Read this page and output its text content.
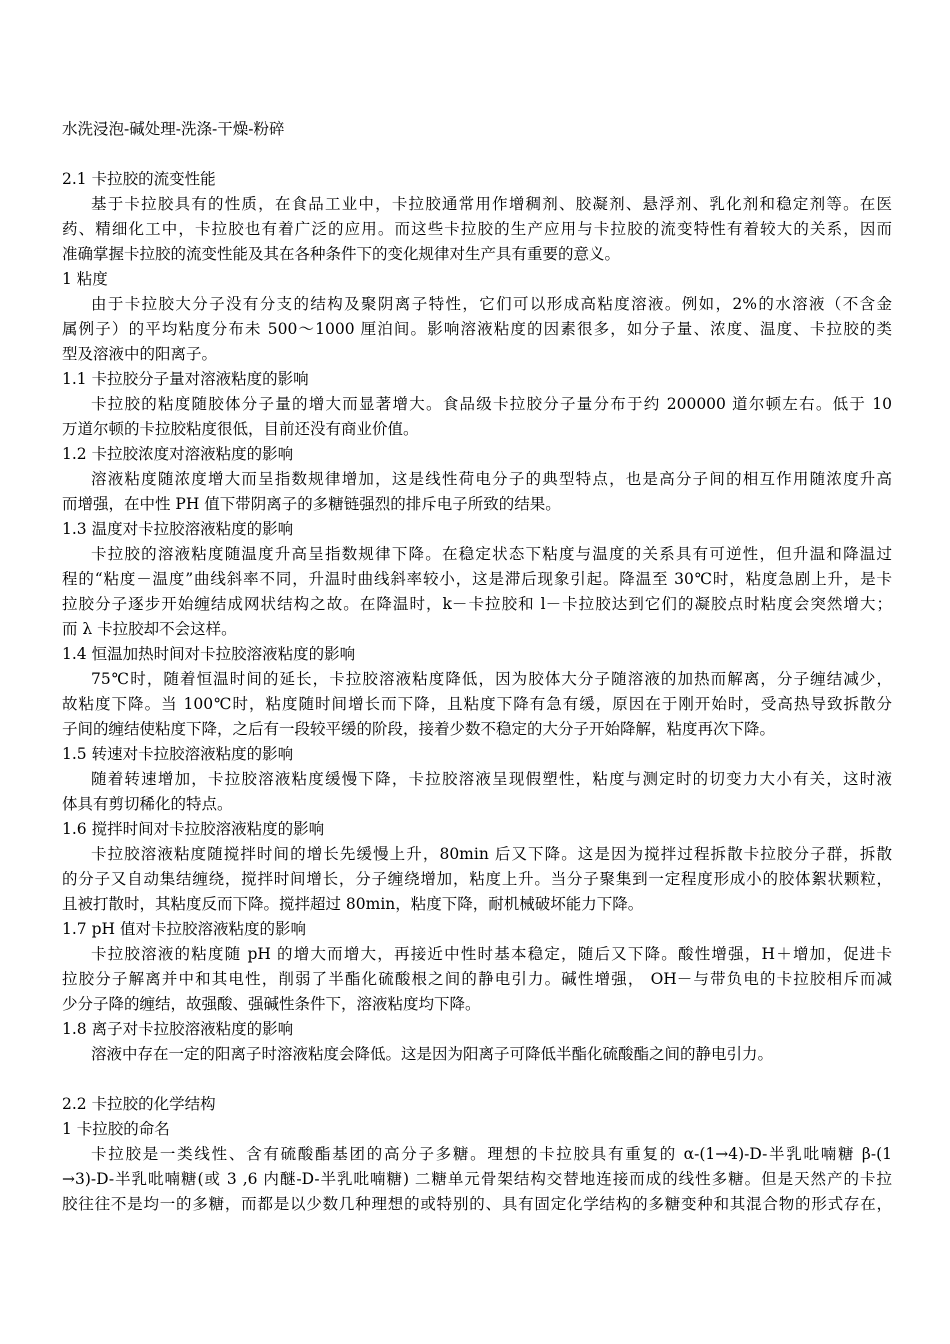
水洗浸泡-碱处理-洗涤-干燥-粉碎
2.1 卡拉胶的流变性能
基于卡拉胶具有的性质，在食品工业中，卡拉胶通常用作增稠剂、胶凝剂、悬浮剂、乳化剂和稳定剂等。在医
药、精细化工中，卡拉胶也有着广泛的应用。而这些卡拉胶的生产应用与卡拉胶的流变特性有着较大的关系，因而
准确掌握卡拉胶的流变性能及其在各种条件下的变化规律对生产具有重要的意义。
1 粘度
由于卡拉胶大分子没有分支的结构及聚阴离子特性，它们可以形成高粘度溶液。例如，2%的水溶液（不含金
属例子）的平均粘度分布未 500～1000 厘泊间。影响溶液粘度的因素很多，如分子量、浓度、温度、卡拉胶的类
型及溶液中的阳离子。
1.1 卡拉胶分子量对溶液粘度的影响
卡拉胶的粘度随胶体分子量的增大而显著增大。食品级卡拉胶分子量分布于约 200000 道尔顿左右。低于 10
万道尔顿的卡拉胶粘度很低，目前还没有商业价值。
1.2 卡拉胶浓度对溶液粘度的影响
溶液粘度随浓度增大而呈指数规律增加，这是线性荷电分子的典型特点，也是高分子间的相互作用随浓度升高
而增强，在中性 PH 值下带阴离子的多糖链强烈的排斥电子所致的结果。
1.3 温度对卡拉胶溶液粘度的影响
卡拉胶的溶液粘度随温度升高呈指数规律下降。在稳定状态下粘度与温度的关系具有可逆性，但升温和降温过
程的“粘度－温度”曲线斜率不同，升温时曲线斜率较小，这是滞后现象引起。降温至 30℃时，粘度急剧上升，是卡
拉胶分子逐步开始缠结成网状结构之故。在降温时，k－卡拉胶和 l－卡拉胶达到它们的凝胶点时粘度会突然增大；
而 λ 卡拉胶却不会这样。
1.4 恒温加热时间对卡拉胶溶液粘度的影响
75℃时，随着恒温时间的延长，卡拉胶溶液粘度降低，因为胶体大分子随溶液的加热而解离，分子缠结减少，
故粘度下降。当 100℃时，粘度随时间增长而下降，且粘度下降有急有缓，原因在于刚开始时，受高热导致拆散分
子间的缠结使粘度下降，之后有一段较平缓的阶段，接着少数不稳定的大分子开始降解，粘度再次下降。
1.5 转速对卡拉胶溶液粘度的影响
随着转速增加，卡拉胶溶液粘度缓慢下降，卡拉胶溶液呈现假塑性，粘度与测定时的切变力大小有关，这时液
体具有剪切稀化的特点。
1.6 搅拌时间对卡拉胶溶液粘度的影响
卡拉胶溶液粘度随搅拌时间的增长先缓慢上升，80min 后又下降。这是因为搅拌过程拆散卡拉胶分子群，拆散
的分子又自动集结缠绕，搅拌时间增长，分子缠绕增加，粘度上升。当分子聚集到一定程度形成小的胶体絮状颗粒，
且被打散时，其粘度反而下降。搅拌超过 80min，粘度下降，耐机械破坏能力下降。
1.7 pH 值对卡拉胶溶液粘度的影响
卡拉胶溶液的粘度随 pH 的增大而增大，再接近中性时基本稳定，随后又下降。酸性增强，H＋增加，促进卡
拉胶分子解离并中和其电性，削弱了半酯化硫酸根之间的静电引力。碱性增强， OH－与带负电的卡拉胶相斥而减
少分子降的缠结，故强酸、强碱性条件下，溶液粘度均下降。
1.8 离子对卡拉胶溶液粘度的影响
溶液中存在一定的阳离子时溶液粘度会降低。这是因为阳离子可降低半酯化硫酸酯之间的静电引力。
2.2 卡拉胶的化学结构
1 卡拉胶的命名
卡拉胶是一类线性、含有硫酸酯基团的高分子多糖。理想的卡拉胶具有重复的 α-(1→4)-D-半乳吡喃糖 β-(1
→3)-D-半乳吡喃糖(或 3 ,6 内醚-D-半乳吡喃糖) 二糖单元骨架结构交替地连接而成的线性多糖。但是天然产的卡拉
胶往往不是均一的多糖，而都是以少数几种理想的或特别的、具有固定化学结构的多糖变种和其混合物的形式存在，
